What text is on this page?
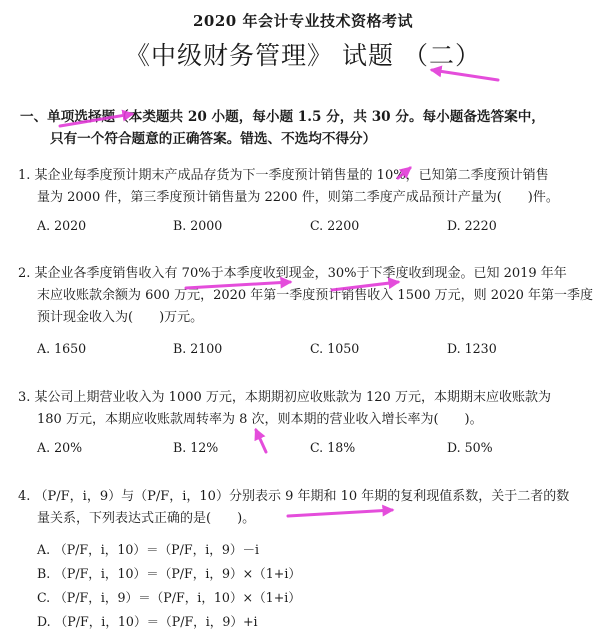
2020 年会计专业技术资格考试
《中级财务管理》 试题 （二）
一、单项选择题（本类题共 20 小题，每小题 1.5 分，共 30 分。每小题备选答案中，
只有一个符合题意的正确答案。错选、不选均不得分）
1. 某企业每季度预计期末产成品存货为下一季度预计销售量的 10%，已知第二季度预计销售
量为 2000 件，第三季度预计销售量为 2200 件，则第二季度产成品预计产量为(　　)件。
A. 2020	B. 2000	C. 2200	D. 2220
2. 某企业各季度销售收入有 70%于本季度收到现金，30%于下季度收到现金。已知 2019 年年
末应收账款余额为 600 万元，2020 年第一季度预计销售收入 1500 万元，则 2020 年第一季度
预计现金收入为(　　)万元。
A. 1650	B. 2100	C. 1050	D. 1230
3. 某公司上期营业收入为 1000 万元，本期期初应收账款为 120 万元，本期期末应收账款为
180 万元，本期应收账款周转率为 8 次，则本期的营业收入增长率为(　　)。
A. 20%	B. 12%	C. 18%	D. 50%
4. （P/F，i，9）与（P/F，i，10）分别表示 9 年期和 10 年期的复利现值系数，关于二者的数
量关系，下列表达式正确的是(　　)。
A. （P/F，i，10）＝（P/F，i，9）－i
B. （P/F，i，10）＝（P/F，i，9）×（1+i）
C. （P/F，i，9）＝（P/F，i，10）×（1+i）
D. （P/F，i，10）＝（P/F，i，9）+i
